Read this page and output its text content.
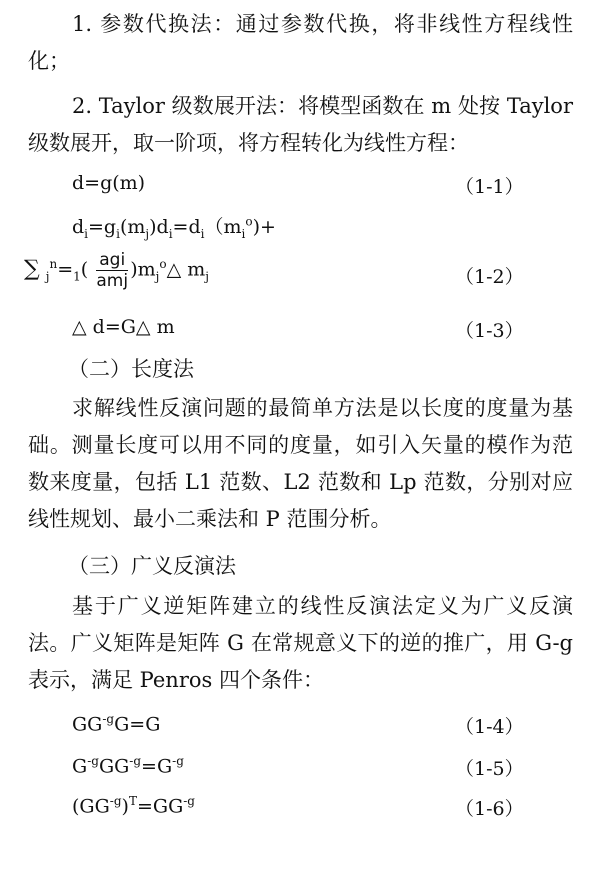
1. 参数代换法：通过参数代换，将非线性方程线性化；

2. Taylor 级数展开法：将模型函数在 m 处按 Taylor 级数展开，取一阶项，将方程转化为线性方程：

d=g(m)	（1-1）
$d_i=g_i(m_j)d_i=d_i(m_i^o)+$
∑ $_j^n=_1( \frac{\text{agi}}{\text{amj}}$ )$m_j^o\triangle$ $m_j$	（1-2）
△ d=G△ m	（1-3）
（二）长度法

求解线性反演问题的最简单方法是以长度的度量为基础。测量长度可以用不同的度量，如引入矢量的模作为范数来度量，包括 L1 范数、L2 范数和 Lp 范数，分别对应线性规划、最小二乘法和 P 范围分析。

（三）广义反演法

基于广义逆矩阵建立的线性反演法定义为广义反演法。广义矩阵是矩阵 G 在常规意义下的逆的推广，用 G-g 表示，满足 Penros 四个条件：

$GG^{-g}G=G$	（1-4）
$G^{-g}GG^{-g}=G^{-g}$	（1-5）
$(GG^{-g})^T=GG^{-g}$	（1-6）
